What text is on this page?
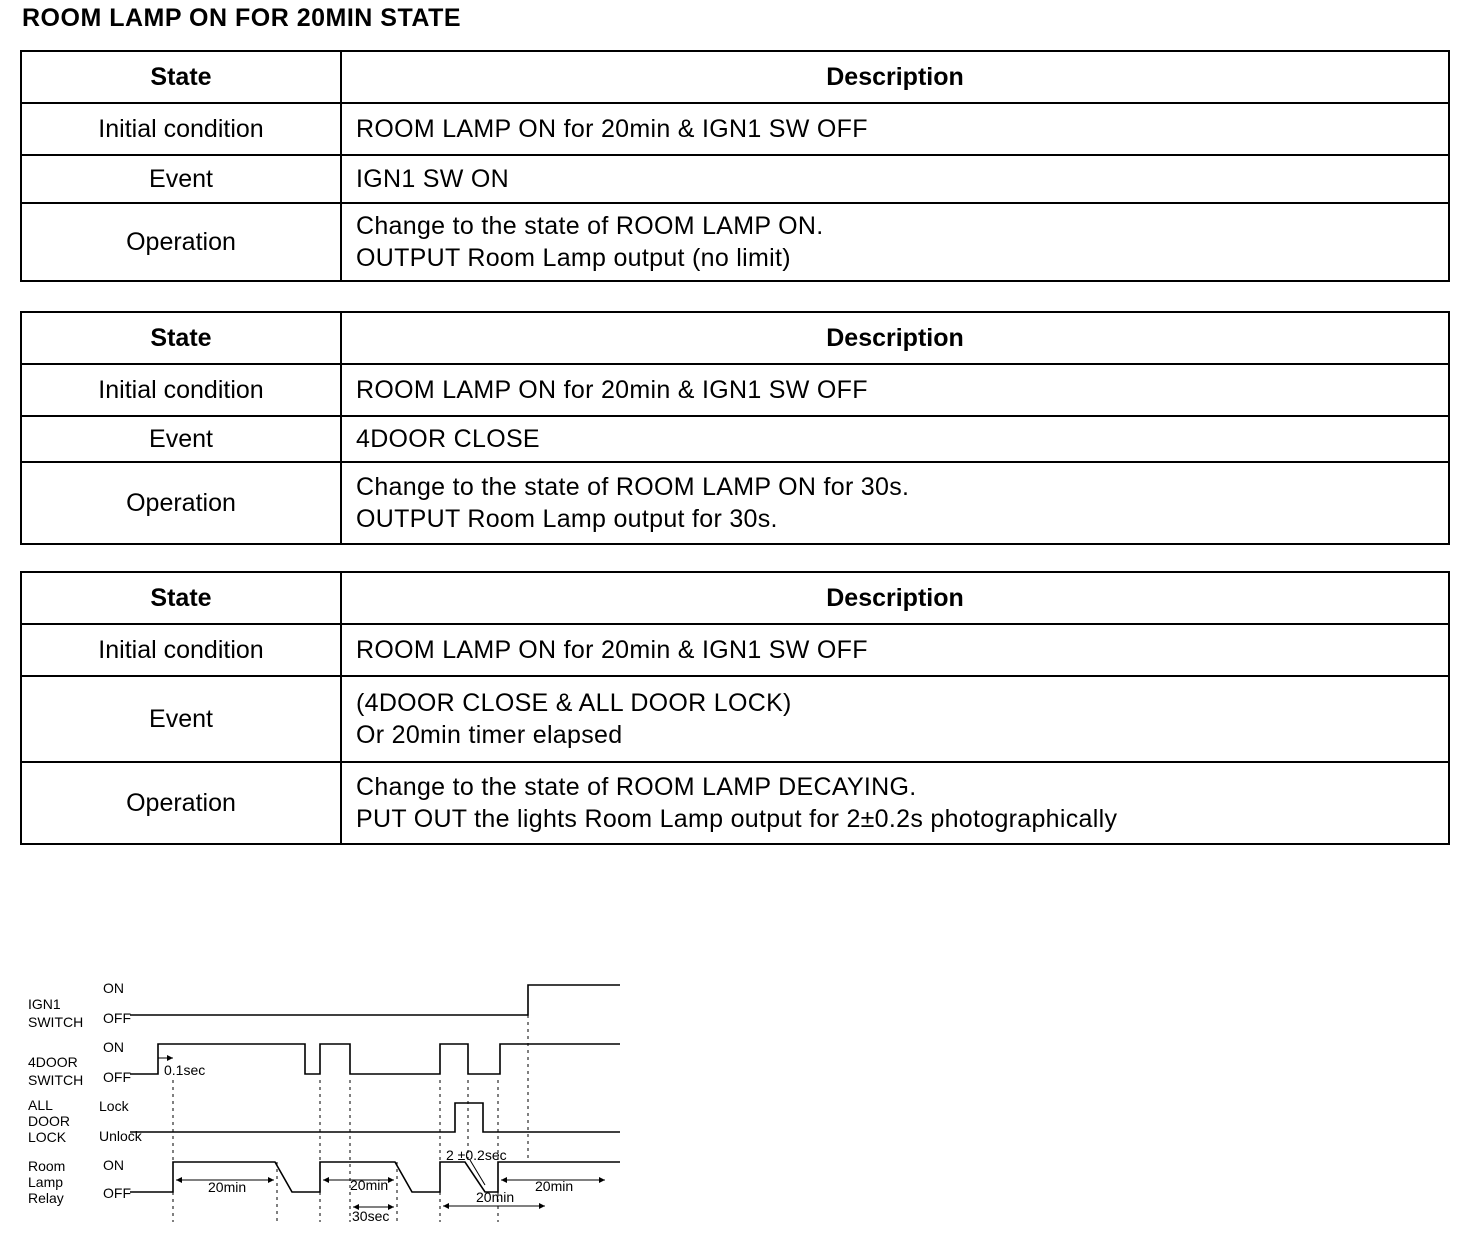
ROOM LAMP ON FOR 20MIN STATE
State	Description
Initial condition	ROOM LAMP ON for 20min & IGN1 SW OFF

Event	IGN1 SW ON

Operation	Change to the state of ROOM LAMP ON.
OUTPUT Room Lamp output (no limit)
State	Description
Initial condition	ROOM LAMP ON for 20min & IGN1 SW OFF

Event	4DOOR CLOSE

Operation	Change to the state of ROOM LAMP ON for 30s.
OUTPUT Room Lamp output for 30s.
State	Description
Initial condition	ROOM LAMP ON for 20min & IGN1 SW OFF

Event	(4DOOR CLOSE & ALL DOOR LOCK)
Or 20min timer elapsed

Operation	Change to the state of ROOM LAMP DECAYING.
PUT OUT the lights Room Lamp output for 2±0.2s photographically
IGN1
SWITCH
4DOOR
SWITCH
ALL
DOOR
LOCK
Room
Lamp
Relay
ON
OFF
ON
OFF
Lock
Unlock
ON
OFF
0.1sec
20min	20min
30sec
2 ±0.2sec
20min
20min
